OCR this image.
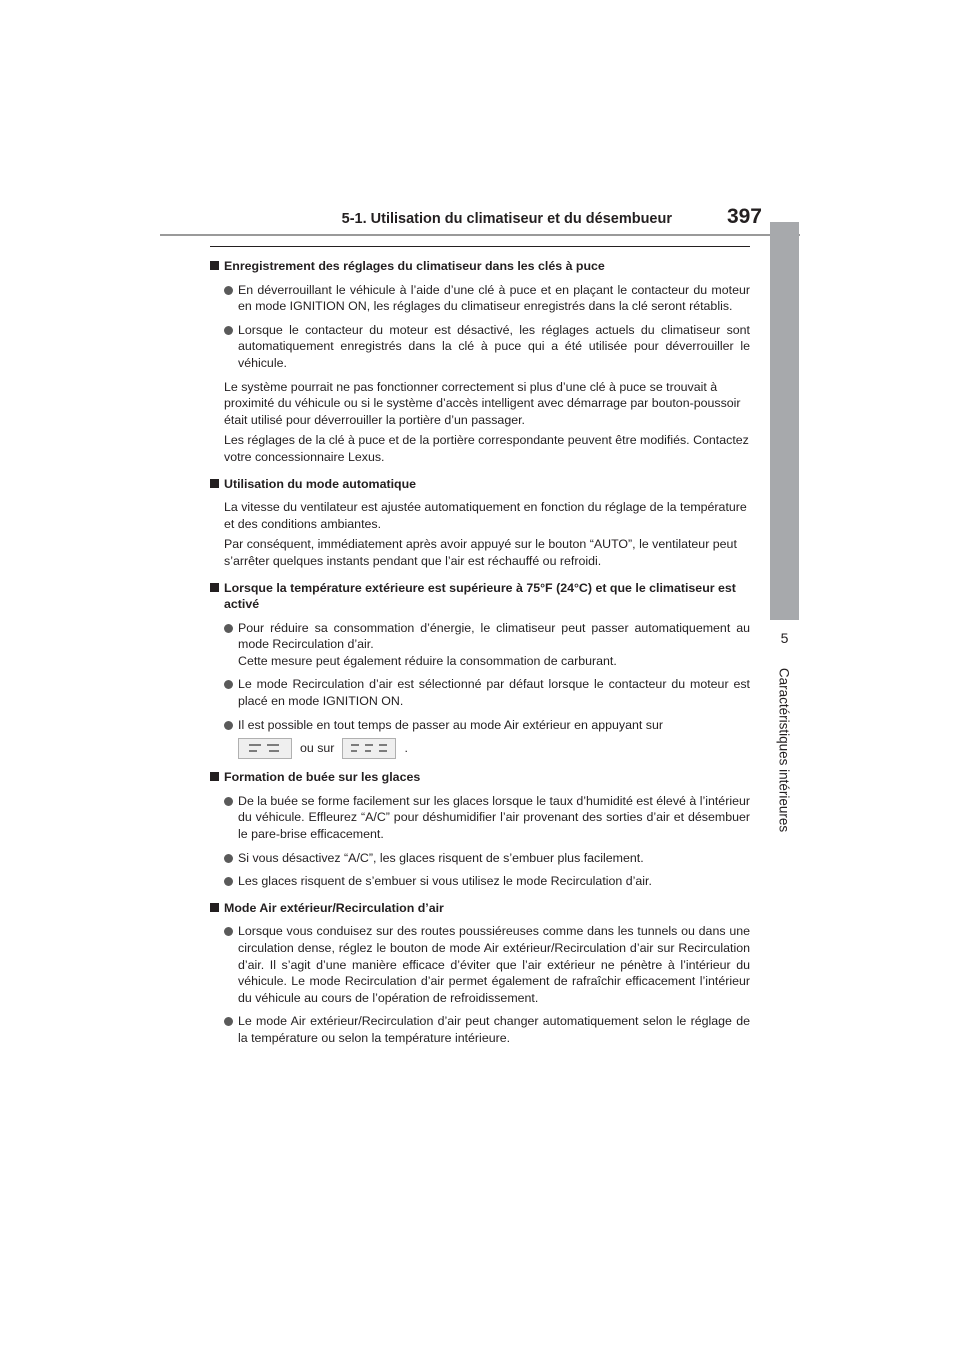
5-1. Utilisation du climatiseur et du désembueur	397
5
Caractéristiques intérieures
Enregistrement des réglages du climatiseur dans les clés à puce
En déverrouillant le véhicule à l’aide d’une clé à puce et en plaçant le contacteur du moteur en mode IGNITION ON, les réglages du climatiseur enregistrés dans la clé seront rétablis.
Lorsque le contacteur du moteur est désactivé, les réglages actuels du climatiseur sont automatiquement enregistrés dans la clé à puce qui a été utilisée pour déverrouiller le véhicule.
Le système pourrait ne pas fonctionner correctement si plus d’une clé à puce se trouvait à proximité du véhicule ou si le système d’accès intelligent avec démarrage par bouton-poussoir était utilisé pour déverrouiller la portière d’un passager.
Les réglages de la clé à puce et de la portière correspondante peuvent être modifiés. Contactez votre concessionnaire Lexus.
Utilisation du mode automatique
La vitesse du ventilateur est ajustée automatiquement en fonction du réglage de la température et des conditions ambiantes.
Par conséquent, immédiatement après avoir appuyé sur le bouton “AUTO”, le ventilateur peut s’arrêter quelques instants pendant que l’air est réchauffé ou refroidi.
Lorsque la température extérieure est supérieure à 75°F (24°C) et que le climatiseur est activé
Pour réduire sa consommation d’énergie, le climatiseur peut passer automatiquement au mode Recirculation d’air.
Cette mesure peut également réduire la consommation de carburant.
Le mode Recirculation d’air est sélectionné par défaut lorsque le contacteur du moteur est placé en mode IGNITION ON.
Il est possible en tout temps de passer au mode Air extérieur en appuyant sur
ou sur	.
Formation de buée sur les glaces
De la buée se forme facilement sur les glaces lorsque le taux d’humidité est élevé à l’intérieur du véhicule. Effleurez “A/C” pour déshumidifier l’air provenant des sorties d’air et désembuer le pare-brise efficacement.
Si vous désactivez “A/C”, les glaces risquent de s’embuer plus facilement.
Les glaces risquent de s’embuer si vous utilisez le mode Recirculation d’air.
Mode Air extérieur/Recirculation d’air
Lorsque vous conduisez sur des routes poussiéreuses comme dans les tunnels ou dans une circulation dense, réglez le bouton de mode Air extérieur/Recirculation d’air sur Recirculation d’air. Il s’agit d’une manière efficace d’éviter que l’air extérieur ne pénètre à l’intérieur du véhicule. Le mode Recirculation d’air permet également de rafraîchir efficacement l’intérieur du véhicule au cours de l’opération de refroidissement.
Le mode Air extérieur/Recirculation d’air peut changer automatiquement selon le réglage de la température ou selon la température intérieure.
